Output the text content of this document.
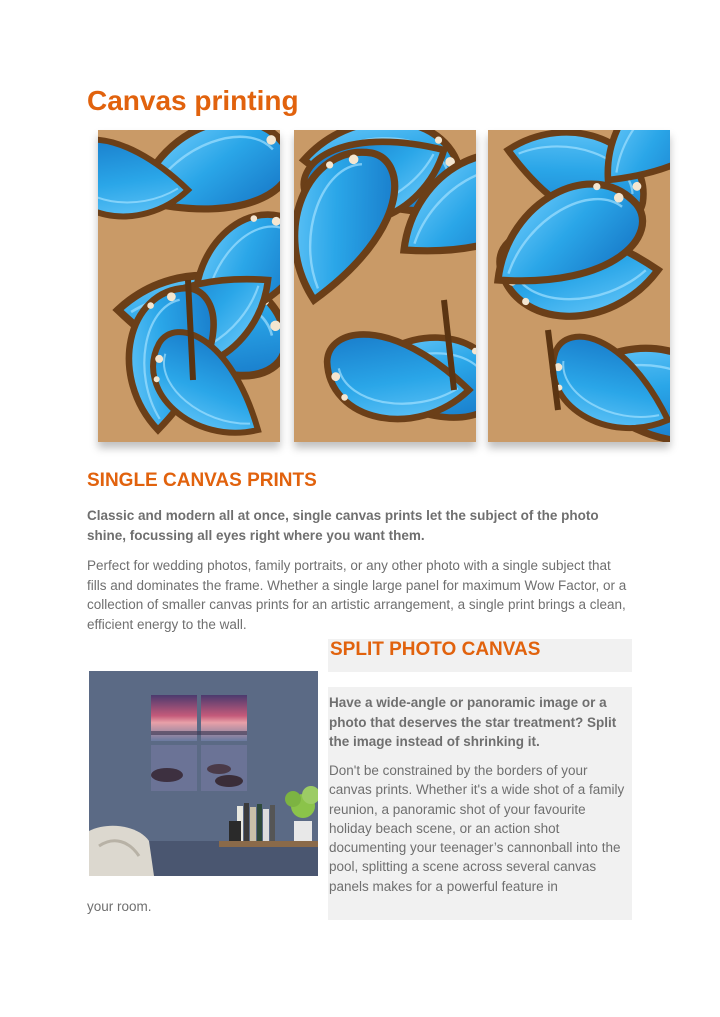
Canvas printing
SINGLE CANVAS PRINTS

Classic and modern all at once, single canvas prints let the subject of the photo shine, focussing all eyes right where you want them.

Perfect for wedding photos, family portraits, or any other photo with a single subject that fills and dominates the frame. Whether a single large panel for maximum Wow Factor, or a collection of smaller canvas prints for an artistic arrangement, a single print brings a clean, efficient energy to the wall.

SPLIT PHOTO CANVAS

Have a wide-angle or panoramic image or a photo that deserves the star treatment? Split the image instead of shrinking it.

Don't be constrained by the borders of your canvas prints. Whether it's a wide shot of a family reunion, a panoramic shot of your favourite holiday beach scene, or an action shot documenting your teenager’s cannonball into the pool, splitting a scene across several canvas panels makes for a powerful feature in

your room.
